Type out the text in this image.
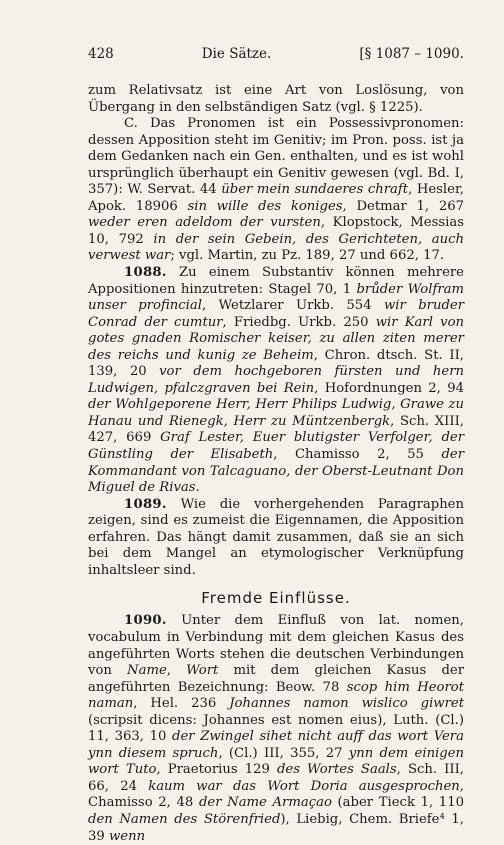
428	Die Sätze.	[§ 1087 – 1090.

zum Relativsatz ist eine Art von Loslösung, von Übergang in den selbständigen Satz (vgl. § 1225).

C. Das Pronomen ist ein Possessivpronomen: dessen Apposition steht im Genitiv; im Pron. poss. ist ja dem Gedanken nach ein Gen. enthalten, und es ist wohl ursprünglich überhaupt ein Genitiv gewesen (vgl. Bd. I, 357): W. Servat. 44 über mein sundaeres chraft, Hesler, Apok. 18906 sin wille des koniges, Detmar 1, 267 weder eren adeldom der vursten, Klopstock, Messias 10, 792 in der sein Gebein, des Gerichteten, auch verwest war; vgl. Martin, zu Pz. 189, 27 und 662, 17.

1088. Zu einem Substantiv können mehrere Appositionen hinzutreten: Stagel 70, 1 brůder Wolfram unser profincial, Wetzlarer Urkb. 554 wir bruder Conrad der cumtur, Friedbg. Urkb. 250 wir Karl von gotes gnaden Romischer keiser, zu allen ziten merer des reichs und kunig ze Beheim, Chron. dtsch. St. II, 139, 20 vor dem hochgeboren fürsten und hern Ludwigen, pfalczgraven bei Rein, Hofordnungen 2, 94 der Wohlgeporene Herr, Herr Philips Ludwig, Grawe zu Hanau und Rienegk, Herr zu Müntzenbergk, Sch. XIII, 427, 669 Graf Lester, Euer blutigster Verfolger, der Günstling der Elisabeth, Chamisso 2, 55 der Kommandant von Talcaguano, der Oberst-Leutnant Don Miguel de Rivas.

1089. Wie die vorhergehenden Paragraphen zeigen, sind es zumeist die Eigennamen, die Apposition erfahren. Das hängt damit zusammen, daß sie an sich bei dem Mangel an etymologischer Verknüpfung inhaltsleer sind.

Fremde Einflüsse.

1090. Unter dem Einfluß von lat. nomen, vocabulum in Verbindung mit dem gleichen Kasus des angeführten Worts stehen die deutschen Verbindungen von Name, Wort mit dem gleichen Kasus der angeführten Bezeichnung: Beow. 78 scop him Heorot naman, Hel. 236 Johannes namon wislico giwret (scripsit dicens: Johannes est nomen eius), Luth. (Cl.) 11, 363, 10 der Zwingel sihet nicht auff das wort Vera ynn diesem spruch, (Cl.) III, 355, 27 ynn dem einigen wort Tuto, Praetorius 129 des Wortes Saals, Sch. III, 66, 24 kaum war das Wort Doria ausgesprochen, Chamisso 2, 48 der Name Armaçao (aber Tieck 1, 110 den Namen des Störenfried), Liebig, Chem. Briefe⁴ 1, 39 wenn
